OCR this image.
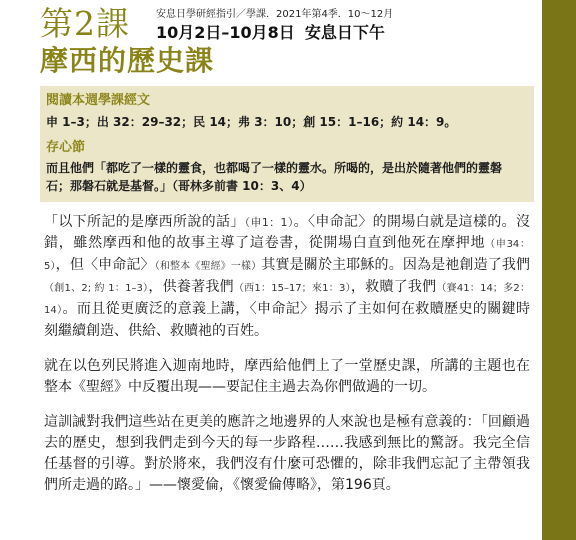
第2課	安息日學研經指引／學課．2021年第4季．10～12月
10月2日–10月8日 安息日下午
摩西的歷史課
閱讀本週學課經文
申 1–3；出 32：29–32；民 14；弗 3：10；創 15：1–16；約 14：9。
存心節
而且他們「都吃了一樣的靈食，也都喝了一樣的靈水。所喝的，是出於隨著他們的靈磐石；那磐石就是基督。」（哥林多前書 10：3、4）

「以下所記的是摩西所說的話」（申1：1）。〈申命記〉的開場白就是這樣的。沒錯，雖然摩西和他的故事主導了這卷書，從開場白直到他死在摩押地（申34：5），但〈申命記〉（和整本《聖經》一樣）其實是關於主耶穌的。因為是祂創造了我們（創1、2; 約 1：1–3），供養著我們（西1：15–17；來1：3），救贖了我們（賽41：14；多2：14）。而且從更廣泛的意義上講，〈申命記〉揭示了主如何在救贖歷史的關鍵時刻繼續創造、供給、救贖祂的百姓。

就在以色列民將進入迦南地時，摩西給他們上了一堂歷史課，所講的主題也在整本《聖經》中反覆出現——要記住主過去為你們做過的一切。

這訓誡對我們這些站在更美的應許之地邊界的人來說也是極有意義的：「回顧過去的歷史，想到我們走到今天的每一步路程……我感到無比的驚訝。我完全信任基督的引導。對於將來，我們沒有什麼可恐懼的，除非我們忘記了主帶領我們所走過的路。」——懷愛倫，《懷愛倫傳略》，第196頁。
